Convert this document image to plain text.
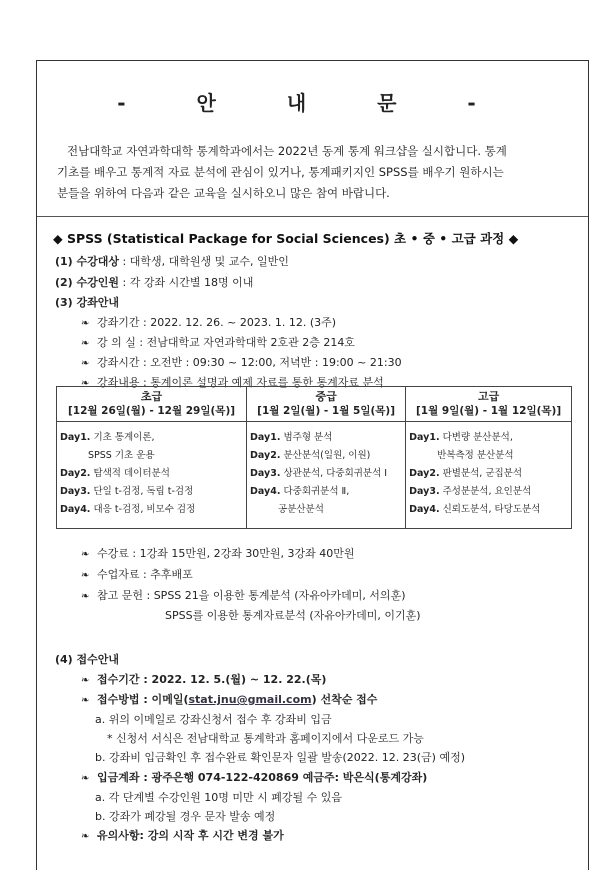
- 안 내 문 -
전남대학교 자연과학대학 통계학과에서는 2022년 동계 통계 워크샵을 실시합니다. 통계
기초를 배우고 통계적 자료 분석에 관심이 있거나, 통계패키지인 SPSS를 배우기 원하시는
분들을 위하여 다음과 같은 교육을 실시하오니 많은 참여 바랍니다.
◆ SPSS (Statistical Package for Social Sciences) 초 • 중 • 고급 과정 ◆
(1) 수강대상 : 대학생, 대학원생 및 교수, 일반인
(2) 수강인원 : 각 강좌 시간별 18명 이내
(3) 강좌안내
❧ 강좌기간 : 2022. 12. 26. ~ 2023. 1. 12. (3주)
❧ 강 의 실 : 전남대학교 자연과학대학 2호관 2층 214호
❧ 강좌시간 : 오전반 : 09:30 ~ 12:00, 저녁반 : 19:00 ~ 21:30
❧ 강좌내용 : 통계이론 설명과 예제 자료를 통한 통계자료 분석
초급
[12월 26일(월) - 12월 29일(목)]	중급
[1월 2일(월) - 1월 5일(목)]	고급
[1월 9일(월) - 1월 12일(목)]

Day1. 기초 통계이론,
SPSS 기초 운용
Day2. 탐색적 데이터분석
Day3. 단일 t-검정, 독립 t-검정
Day4. 대응 t-검정, 비모수 검정	Day1. 범주형 분석
Day2. 분산분석(일원, 이원)
Day3. 상관분석, 다중회귀분석 Ⅰ
Day4. 다중회귀분석 Ⅱ,
공분산분석	Day1. 다변량 분산분석,
반복측정 분산분석
Day2. 판별분석, 군집분석
Day3. 주성분분석, 요인분석
Day4. 신뢰도분석, 타당도분석
❧ 수강료 : 1강좌 15만원, 2강좌 30만원, 3강좌 40만원
❧ 수업자료 : 추후배포
❧ 참고 문헌 : SPSS 21을 이용한 통계분석 (자유아카데미, 서의훈)
SPSS를 이용한 통계자료분석 (자유아카데미, 이기훈)
(4) 접수안내
❧ 접수기간 : 2022. 12. 5.(월) ~ 12. 22.(목)
❧ 접수방법 : 이메일(stat.jnu@gmail.com) 선착순 접수
a. 위의 이메일로 강좌신청서 접수 후 강좌비 입금
* 신청서 서식은 전남대학교 통계학과 홈페이지에서 다운로드 가능
b. 강좌비 입금확인 후 접수완료 확인문자 일괄 발송(2022. 12. 23(금) 예정)
❧ 입금계좌 : 광주은행 074-122-420869 예금주: 박은식(통계강좌)
a. 각 단계별 수강인원 10명 미만 시 폐강될 수 있음
b. 강좌가 폐강될 경우 문자 발송 예정
❧ 유의사항: 강의 시작 후 시간 변경 불가
